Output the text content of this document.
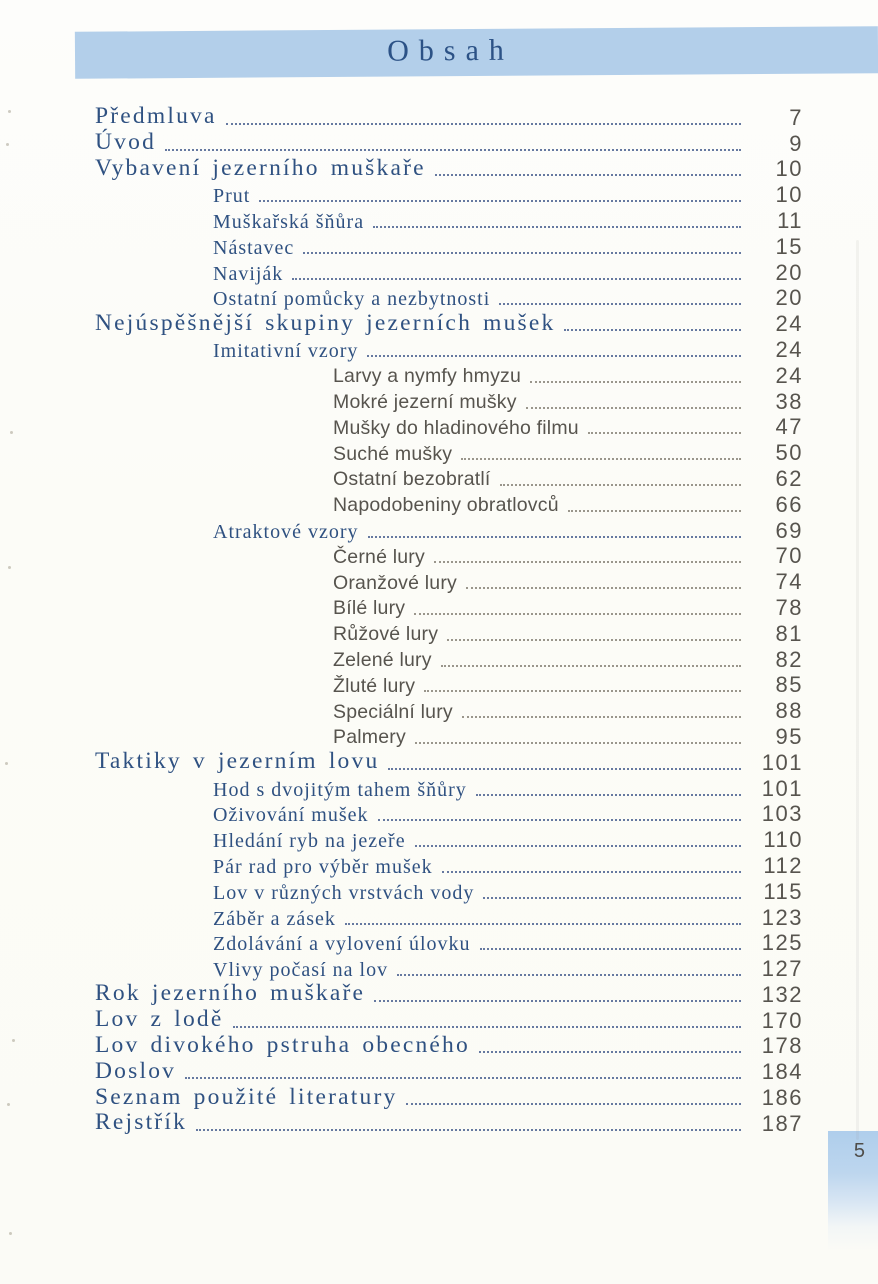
Obsah
Předmluva	7
Úvod	9
Vybavení jezerního muškaře	10
Prut	10
Muškařská šňůra	11
Nástavec	15
Naviják	20
Ostatní pomůcky a nezbytnosti	20
Nejúspěšnější skupiny jezerních mušek	24
Imitativní vzory	24
Larvy a nymfy hmyzu	24
Mokré jezerní mušky	38
Mušky do hladinového filmu	47
Suché mušky	50
Ostatní bezobratlí	62
Napodobeniny obratlovců	66
Atraktové vzory	69
Černé lury	70
Oranžové lury	74
Bílé lury	78
Růžové lury	81
Zelené lury	82
Žluté lury	85
Speciální lury	88
Palmery	95
Taktiky v jezerním lovu	101
Hod s dvojitým tahem šňůry	101
Oživování mušek	103
Hledání ryb na jezeře	110
Pár rad pro výběr mušek	112
Lov v různých vrstvách vody	115
Záběr a zásek	123
Zdolávání a vylovení úlovku	125
Vlivy počasí na lov	127
Rok jezerního muškaře	132
Lov z lodě	170
Lov divokého pstruha obecného	178
Doslov	184
Seznam použité literatury	186
Rejstřík	187
5
